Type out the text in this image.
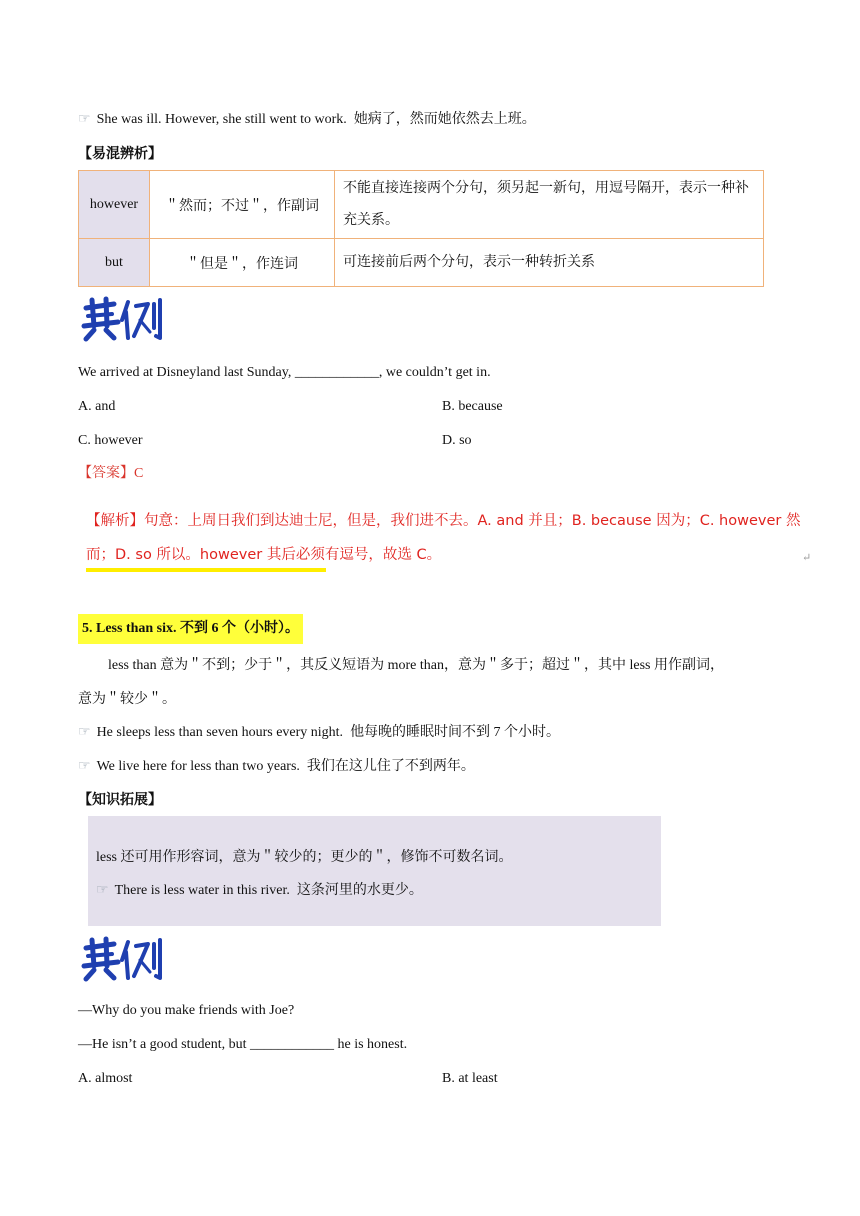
☞ She was ill. However, she still went to work. 她病了，然而她依然去上班。
【易混辨析】
however	＂然而；不过＂，作副词	不能直接连接两个分句，须另起一新句，用逗号隔开，表示一种补充关系。
but	＂但是＂，作连词	可连接前后两个分句，表示一种转折关系
We arrived at Disneyland last Sunday, ____________, we couldn’t get in.
A. and	B. because
C. however	D. so
【答案】C
【解析】句意：上周日我们到达迪士尼，但是，我们进不去。A. and 并且；B. because 因为；C. however 然而；D. so 所以。however 其后必须有逗号，故选 C。	↵
5. Less than six. 不到 6 个（小时）。
less than 意为＂不到；少于＂，其反义短语为 more than，意为＂多于；超过＂，其中 less 用作副词，
意为＂较少＂。
☞ He sleeps less than seven hours every night. 他每晚的睡眠时间不到 7 个小时。
☞ We live here for less than two years. 我们在这儿住了不到两年。
【知识拓展】
less 还可用作形容词，意为＂较少的；更少的＂，修饰不可数名词。
☞ There is less water in this river. 这条河里的水更少。
—Why do you make friends with Joe?
—He isn’t a good student, but ____________ he is honest.
A. almost	B. at least
